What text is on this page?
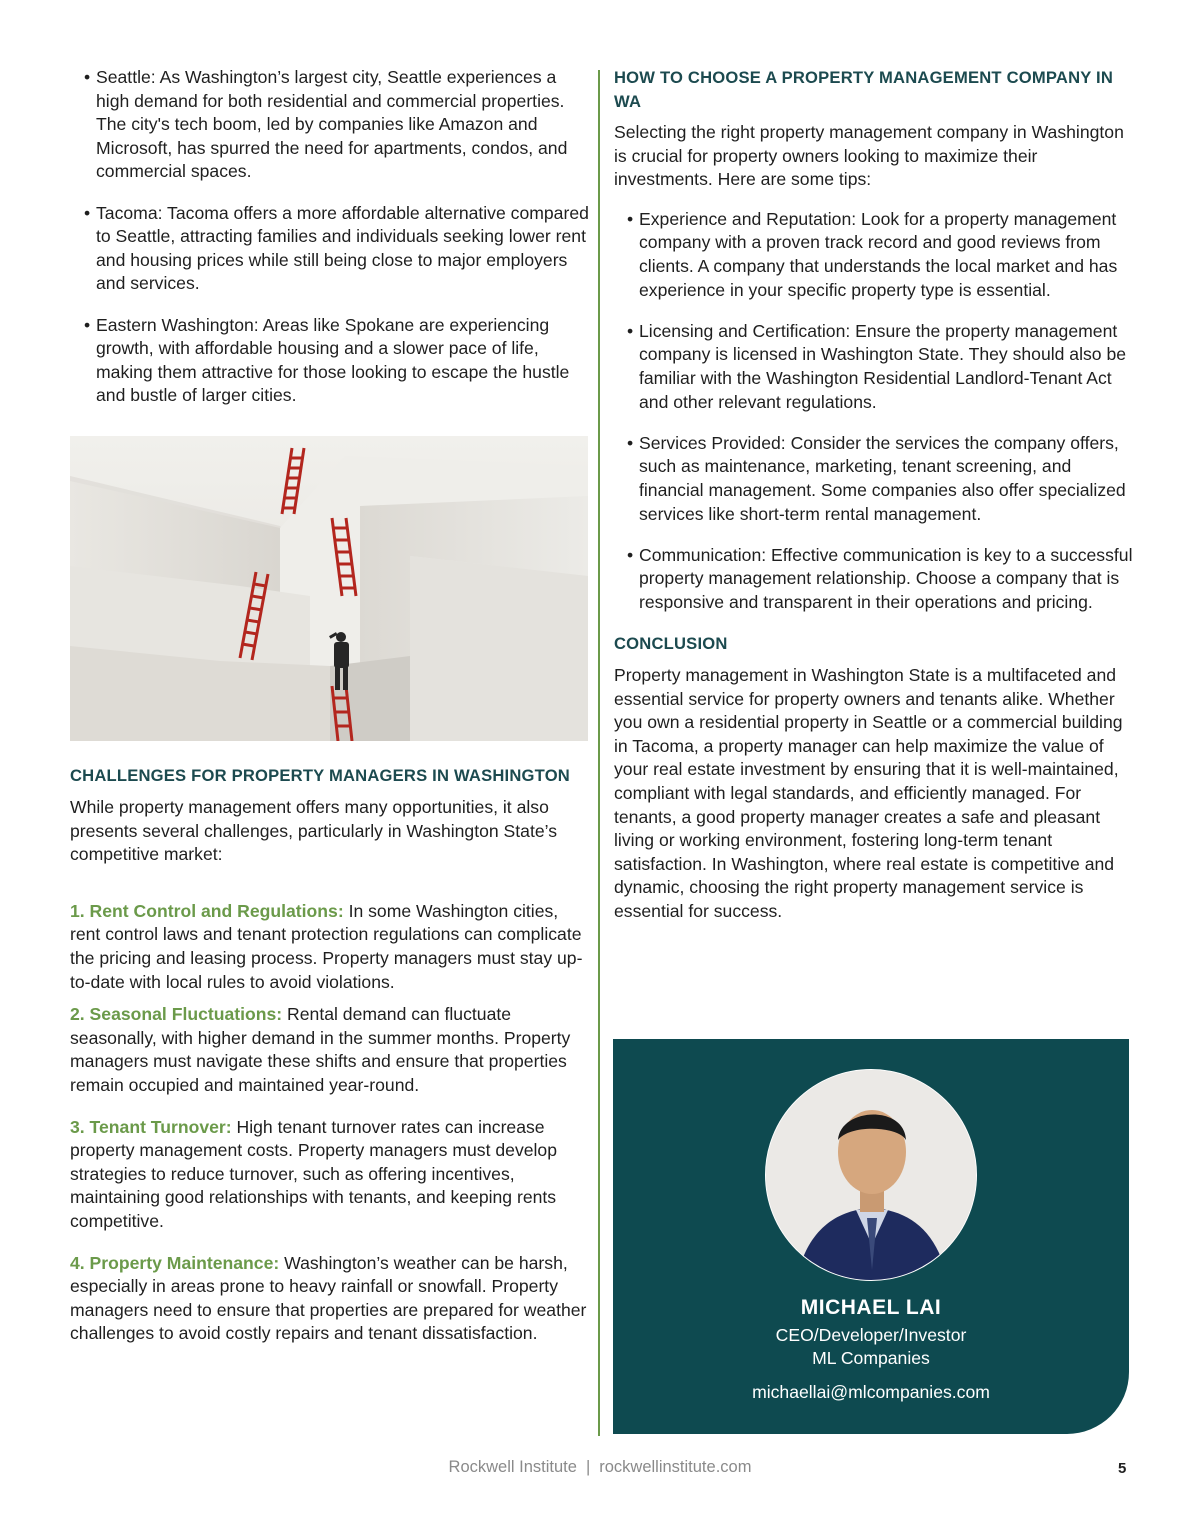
• Seattle: As Washington’s largest city, Seattle experiences a high demand for both residential and commercial properties. The city's tech boom, led by companies like Amazon and Microsoft, has spurred the need for apartments, condos, and commercial spaces.
• Tacoma: Tacoma offers a more affordable alternative compared to Seattle, attracting families and individuals seeking lower rent and housing prices while still being close to major employers and services.
• Eastern Washington: Areas like Spokane are experiencing growth, with affordable housing and a slower pace of life, making them attractive for those looking to escape the hustle and bustle of larger cities.
CHALLENGES FOR PROPERTY MANAGERS IN WASHINGTON
While property management offers many opportunities, it also presents several challenges, particularly in Washington State’s competitive market:
1. Rent Control and Regulations: In some Washington cities, rent control laws and tenant protection regulations can complicate the pricing and leasing process. Property managers must stay up-to-date with local rules to avoid violations.
2. Seasonal Fluctuations: Rental demand can fluctuate seasonally, with higher demand in the summer months. Property managers must navigate these shifts and ensure that properties remain occupied and maintained year-round.
3. Tenant Turnover: High tenant turnover rates can increase property management costs. Property managers must develop strategies to reduce turnover, such as offering incentives, maintaining good relationships with tenants, and keeping rents competitive.
4. Property Maintenance: Washington’s weather can be harsh, especially in areas prone to heavy rainfall or snowfall. Property managers need to ensure that properties are prepared for weather challenges to avoid costly repairs and tenant dissatisfaction.
HOW TO CHOOSE A PROPERTY MANAGEMENT COMPANY IN WA
Selecting the right property management company in Washington is crucial for property owners looking to maximize their investments. Here are some tips:
• Experience and Reputation: Look for a property management company with a proven track record and good reviews from clients. A company that understands the local market and has experience in your specific property type is essential.
• Licensing and Certification: Ensure the property management company is licensed in Washington State. They should also be familiar with the Washington Residential Landlord-Tenant Act and other relevant regulations.
• Services Provided: Consider the services the company offers, such as maintenance, marketing, tenant screening, and financial management. Some companies also offer specialized services like short-term rental management.
• Communication: Effective communication is key to a successful property management relationship. Choose a company that is responsive and transparent in their operations and pricing.
CONCLUSION
Property management in Washington State is a multifaceted and essential service for property owners and tenants alike. Whether you own a residential property in Seattle or a commercial building in Tacoma, a property manager can help maximize the value of your real estate investment by ensuring that it is well-maintained, compliant with legal standards, and efficiently managed. For tenants, a good property manager creates a safe and pleasant living or working environment, fostering long-term tenant satisfaction. In Washington, where real estate is competitive and dynamic, choosing the right property management service is essential for success.
MICHAEL LAI
CEO/Developer/Investor
ML Companies
michaellai@mlcompanies.com
Rockwell Institute | rockwellinstitute.com	5
